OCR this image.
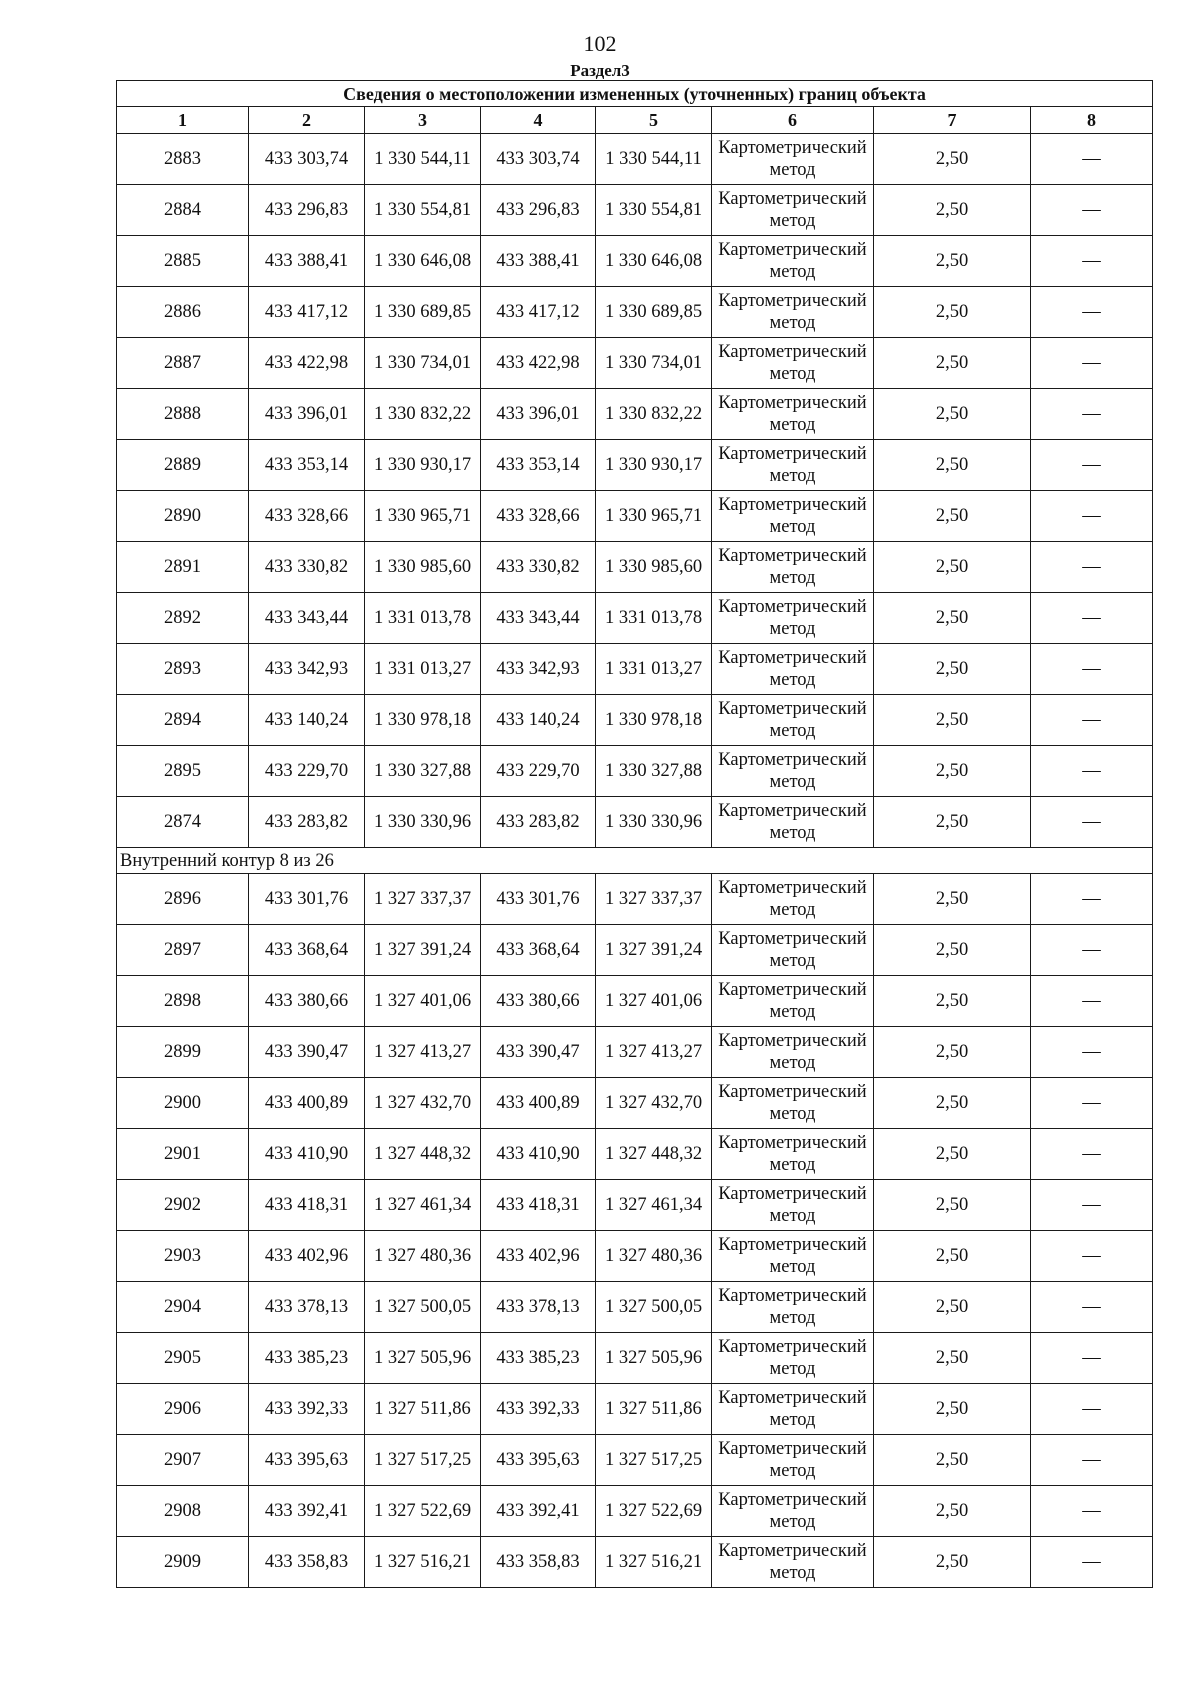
102
Раздел3
Сведения о местоположении измененных (уточненных) границ объекта							
1	2	3	4	5	6	7	8
2883	433 303,74	1 330 544,11	433 303,74	1 330 544,11	Картометрический метод	2,50	—
2884	433 296,83	1 330 554,81	433 296,83	1 330 554,81	Картометрический метод	2,50	—
2885	433 388,41	1 330 646,08	433 388,41	1 330 646,08	Картометрический метод	2,50	—
2886	433 417,12	1 330 689,85	433 417,12	1 330 689,85	Картометрический метод	2,50	—
2887	433 422,98	1 330 734,01	433 422,98	1 330 734,01	Картометрический метод	2,50	—
2888	433 396,01	1 330 832,22	433 396,01	1 330 832,22	Картометрический метод	2,50	—
2889	433 353,14	1 330 930,17	433 353,14	1 330 930,17	Картометрический метод	2,50	—
2890	433 328,66	1 330 965,71	433 328,66	1 330 965,71	Картометрический метод	2,50	—
2891	433 330,82	1 330 985,60	433 330,82	1 330 985,60	Картометрический метод	2,50	—
2892	433 343,44	1 331 013,78	433 343,44	1 331 013,78	Картометрический метод	2,50	—
2893	433 342,93	1 331 013,27	433 342,93	1 331 013,27	Картометрический метод	2,50	—
2894	433 140,24	1 330 978,18	433 140,24	1 330 978,18	Картометрический метод	2,50	—
2895	433 229,70	1 330 327,88	433 229,70	1 330 327,88	Картометрический метод	2,50	—
2874	433 283,82	1 330 330,96	433 283,82	1 330 330,96	Картометрический метод	2,50	—
Внутренний контур 8 из 26							
2896	433 301,76	1 327 337,37	433 301,76	1 327 337,37	Картометрический метод	2,50	—
2897	433 368,64	1 327 391,24	433 368,64	1 327 391,24	Картометрический метод	2,50	—
2898	433 380,66	1 327 401,06	433 380,66	1 327 401,06	Картометрический метод	2,50	—
2899	433 390,47	1 327 413,27	433 390,47	1 327 413,27	Картометрический метод	2,50	—
2900	433 400,89	1 327 432,70	433 400,89	1 327 432,70	Картометрический метод	2,50	—
2901	433 410,90	1 327 448,32	433 410,90	1 327 448,32	Картометрический метод	2,50	—
2902	433 418,31	1 327 461,34	433 418,31	1 327 461,34	Картометрический метод	2,50	—
2903	433 402,96	1 327 480,36	433 402,96	1 327 480,36	Картометрический метод	2,50	—
2904	433 378,13	1 327 500,05	433 378,13	1 327 500,05	Картометрический метод	2,50	—
2905	433 385,23	1 327 505,96	433 385,23	1 327 505,96	Картометрический метод	2,50	—
2906	433 392,33	1 327 511,86	433 392,33	1 327 511,86	Картометрический метод	2,50	—
2907	433 395,63	1 327 517,25	433 395,63	1 327 517,25	Картометрический метод	2,50	—
2908	433 392,41	1 327 522,69	433 392,41	1 327 522,69	Картометрический метод	2,50	—
2909	433 358,83	1 327 516,21	433 358,83	1 327 516,21	Картометрический метод	2,50	—
